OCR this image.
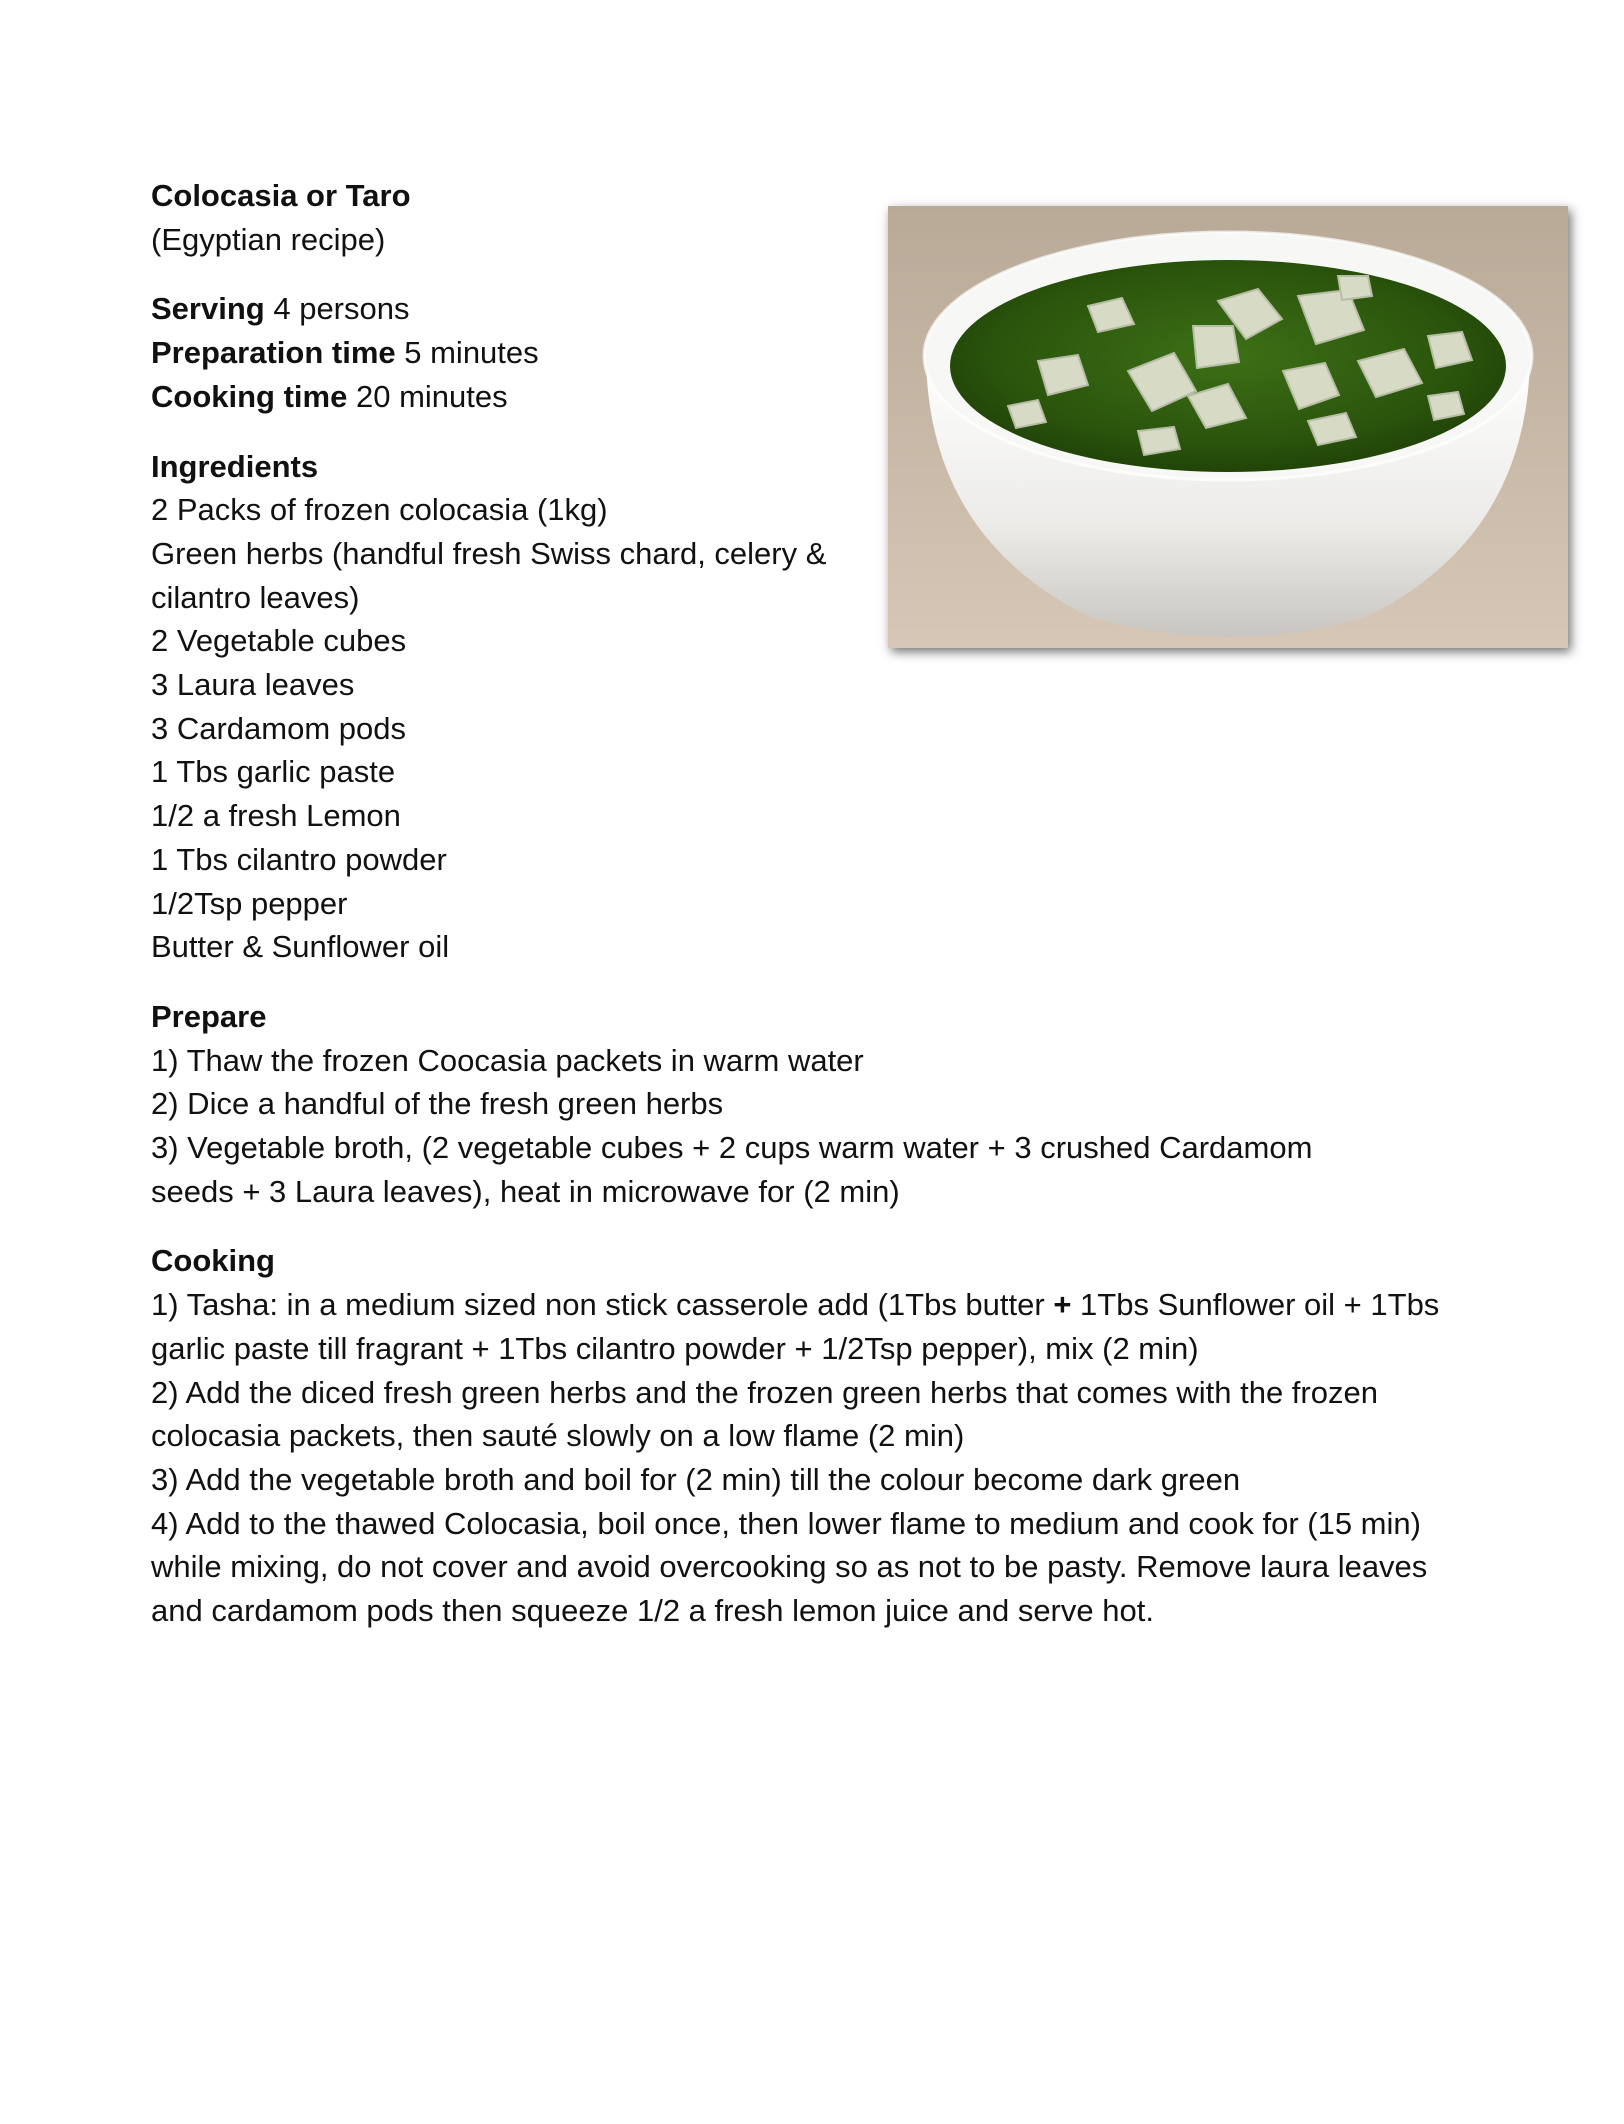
Colocasia or Taro

(Egyptian recipe)

Serving 4 persons

Preparation time 5 minutes

Cooking time 20 minutes

Ingredients

2 Packs of frozen colocasia (1kg)

Green herbs (handful fresh Swiss chard, celery &

cilantro leaves)

2 Vegetable cubes

3 Laura leaves

3 Cardamom pods

1 Tbs garlic paste

1/2 a fresh Lemon

1 Tbs cilantro powder

1/2Tsp pepper

Butter & Sunflower oil

Prepare

1) Thaw the frozen Coocasia packets in warm water

2) Dice a handful of the fresh green herbs

3) Vegetable broth, (2 vegetable cubes + 2 cups warm water + 3 crushed Cardamom seeds + 3 Laura leaves), heat in microwave for (2 min)

Cooking

1) Tasha: in a medium sized non stick casserole add (1Tbs butter + 1Tbs Sunflower oil + 1Tbs garlic paste till fragrant + 1Tbs cilantro powder + 1/2Tsp pepper), mix (2 min)

2) Add the diced fresh green herbs and the frozen green herbs that comes with the frozen colocasia packets, then sauté slowly on a low flame (2 min)

3) Add the vegetable broth and boil for (2 min) till the colour become dark green

4) Add to the thawed Colocasia, boil once, then lower flame to medium and cook for (15 min) while mixing, do not cover and avoid overcooking so as not to be pasty. Remove laura leaves and cardamom pods then squeeze 1/2 a fresh lemon juice and serve hot.
